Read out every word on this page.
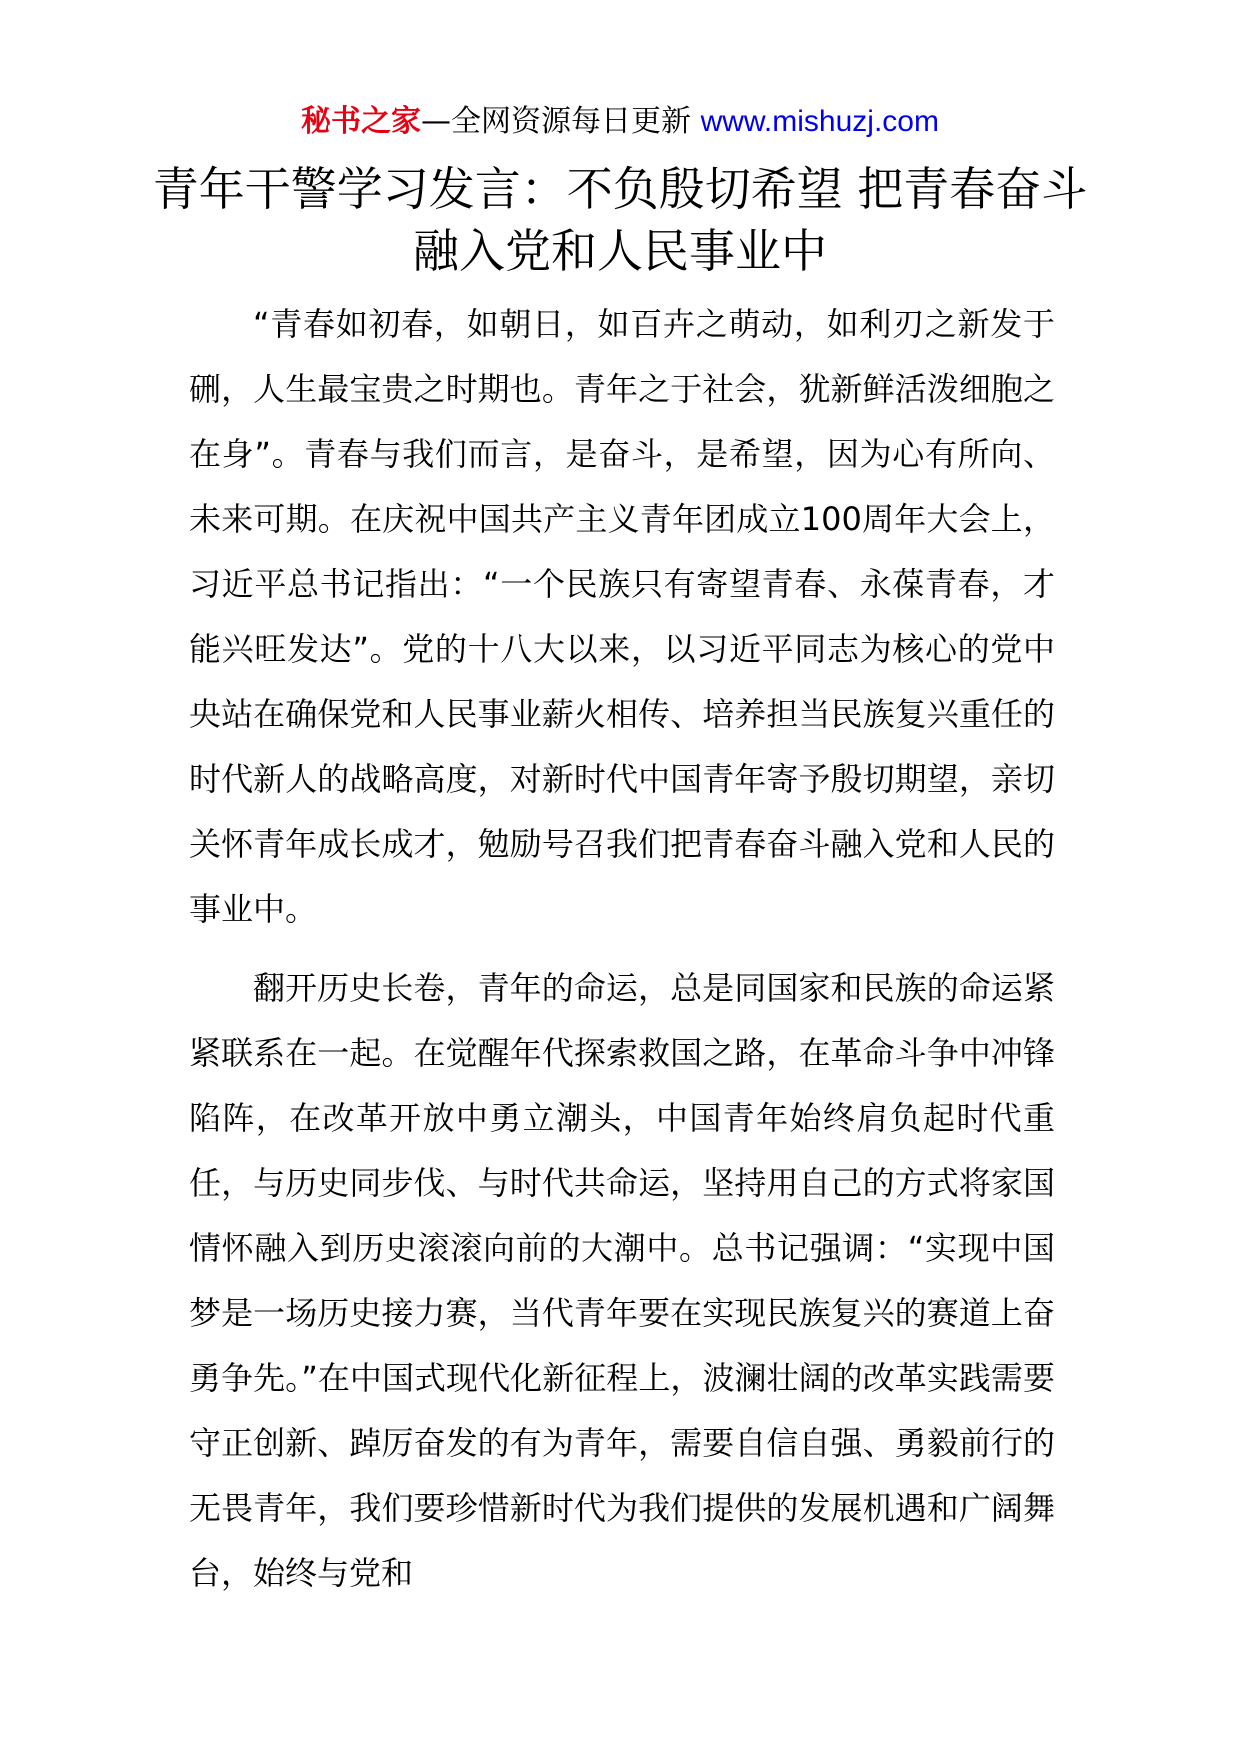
秘书之家—全网资源每日更新 www.mishuzj.com
青年干警学习发言：不负殷切希望 把青春奋斗融入党和人民事业中

“青春如初春，如朝日，如百卉之萌动，如利刃之新发于硎，人生最宝贵之时期也。青年之于社会，犹新鲜活泼细胞之在身”。青春与我们而言，是奋斗，是希望，因为心有所向、未来可期。在庆祝中国共产主义青年团成立100周年大会上，习近平总书记指出：“一个民族只有寄望青春、永葆青春，才能兴旺发达”。党的十八大以来，以习近平同志为核心的党中央站在确保党和人民事业薪火相传、培养担当民族复兴重任的时代新人的战略高度，对新时代中国青年寄予殷切期望，亲切关怀青年成长成才，勉励号召我们把青春奋斗融入党和人民的事业中。

翻开历史长卷，青年的命运，总是同国家和民族的命运紧紧联系在一起。在觉醒年代探索救国之路，在革命斗争中冲锋陷阵，在改革开放中勇立潮头，中国青年始终肩负起时代重任，与历史同步伐、与时代共命运，坚持用自己的方式将家国情怀融入到历史滚滚向前的大潮中。总书记强调：“实现中国梦是一场历史接力赛，当代青年要在实现民族复兴的赛道上奋勇争先。”在中国式现代化新征程上，波澜壮阔的改革实践需要守正创新、踔厉奋发的有为青年，需要自信自强、勇毅前行的无畏青年，我们要珍惜新时代为我们提供的发展机遇和广阔舞台，始终与党和
